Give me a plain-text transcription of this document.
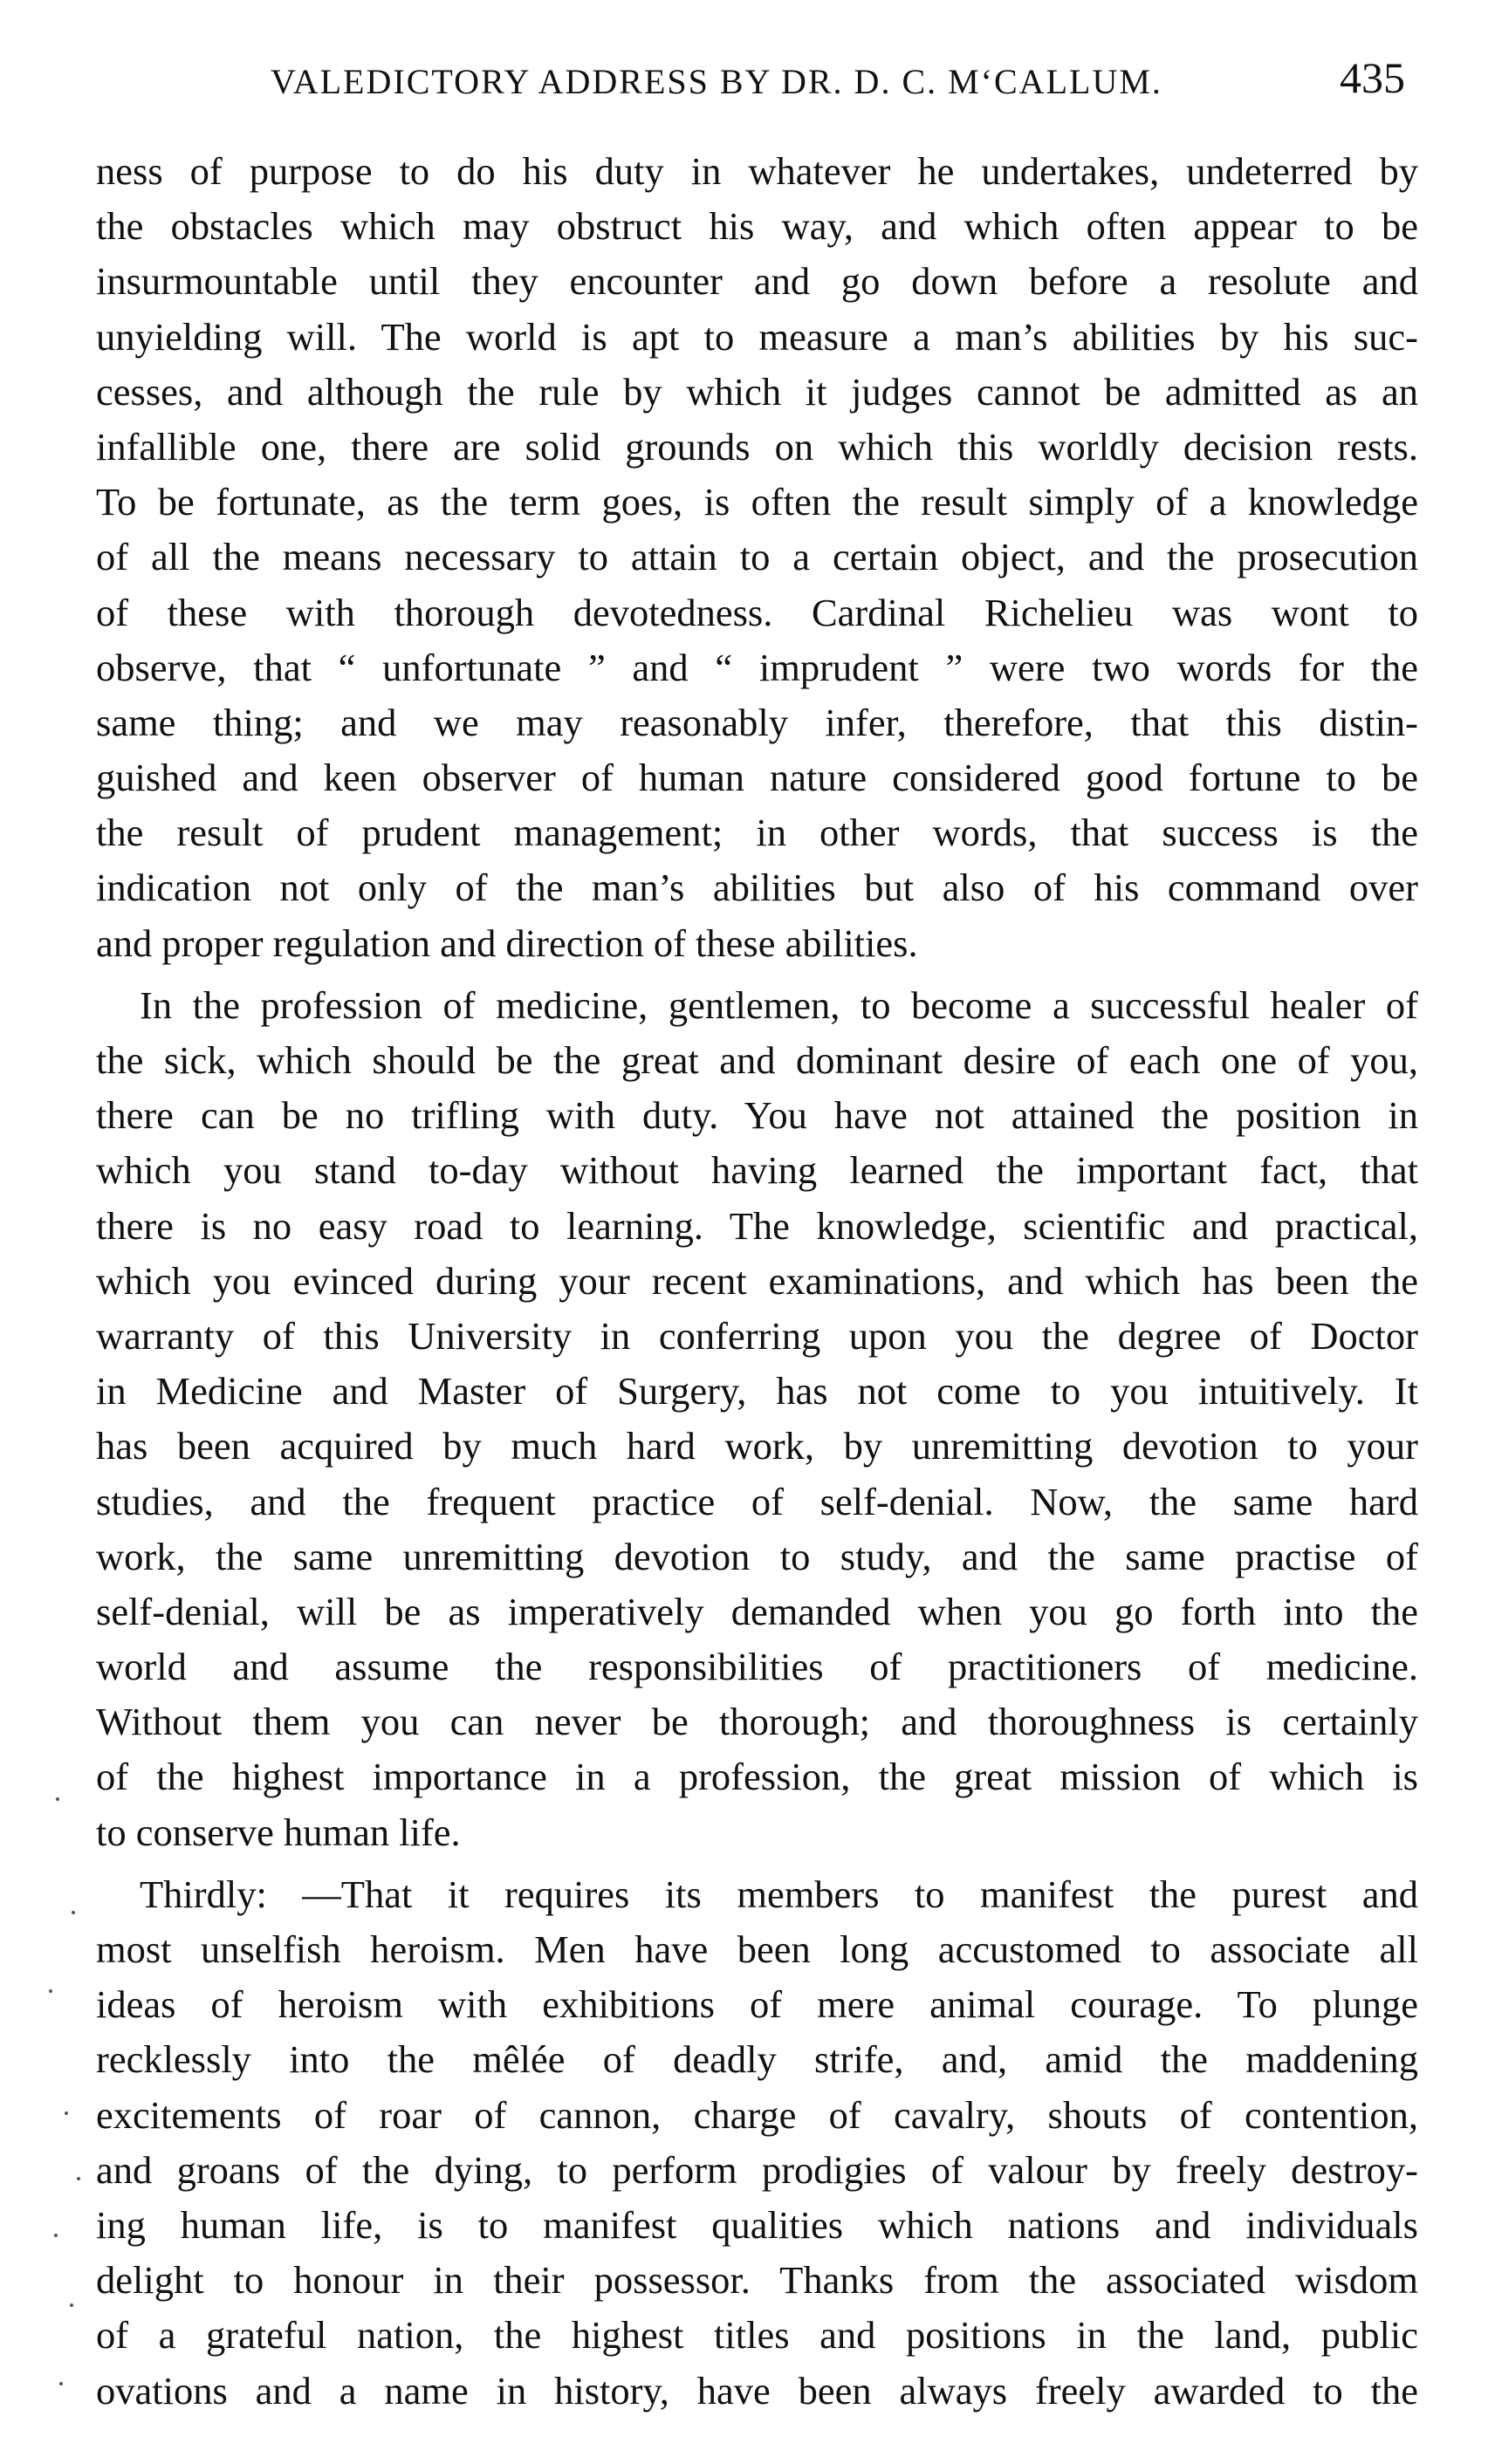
VALEDICTORY ADDRESS BY DR. D. C. M‘CALLUM.	435
ness of purpose to do his duty in whatever he undertakes, undeterred by
the obstacles which may obstruct his way, and which often appear to be
insurmountable until they encounter and go down before a resolute and
unyielding will. The world is apt to measure a man’s abilities by his suc-
cesses, and although the rule by which it judges cannot be admitted as an
infallible one, there are solid grounds on which this worldly decision rests.
To be fortunate, as the term goes, is often the result simply of a knowledge
of all the means necessary to attain to a certain object, and the prosecution
of these with thorough devotedness. Cardinal Richelieu was wont to
observe, that “ unfortunate ” and “ imprudent ” were two words for the
same thing; and we may reasonably infer, therefore, that this distin-
guished and keen observer of human nature considered good fortune to be
the result of prudent management; in other words, that success is the
indication not only of the man’s abilities but also of his command over
and proper regulation and direction of these abilities.
In the profession of medicine, gentlemen, to become a successful healer of
the sick, which should be the great and dominant desire of each one of you,
there can be no trifling with duty. You have not attained the position in
which you stand to-day without having learned the important fact, that
there is no easy road to learning. The knowledge, scientific and practical,
which you evinced during your recent examinations, and which has been the
warranty of this University in conferring upon you the degree of Doctor
in Medicine and Master of Surgery, has not come to you intuitively. It
has been acquired by much hard work, by unremitting devotion to your
studies, and the frequent practice of self-denial. Now, the same hard
work, the same unremitting devotion to study, and the same practise of
self-denial, will be as imperatively demanded when you go forth into the
world and assume the responsibilities of practitioners of medicine.
Without them you can never be thorough; and thoroughness is certainly
of the highest importance in a profession, the great mission of which is
to conserve human life.
Thirdly: —That it requires its members to manifest the purest and
most unselfish heroism. Men have been long accustomed to associate all
ideas of heroism with exhibitions of mere animal courage. To plunge
recklessly into the mêlée of deadly strife, and, amid the maddening
excitements of roar of cannon, charge of cavalry, shouts of contention,
and groans of the dying, to perform prodigies of valour by freely destroy-
ing human life, is to manifest qualities which nations and individuals
delight to honour in their possessor. Thanks from the associated wisdom
of a grateful nation, the highest titles and positions in the land, public
ovations and a name in history, have been always freely awarded to the
